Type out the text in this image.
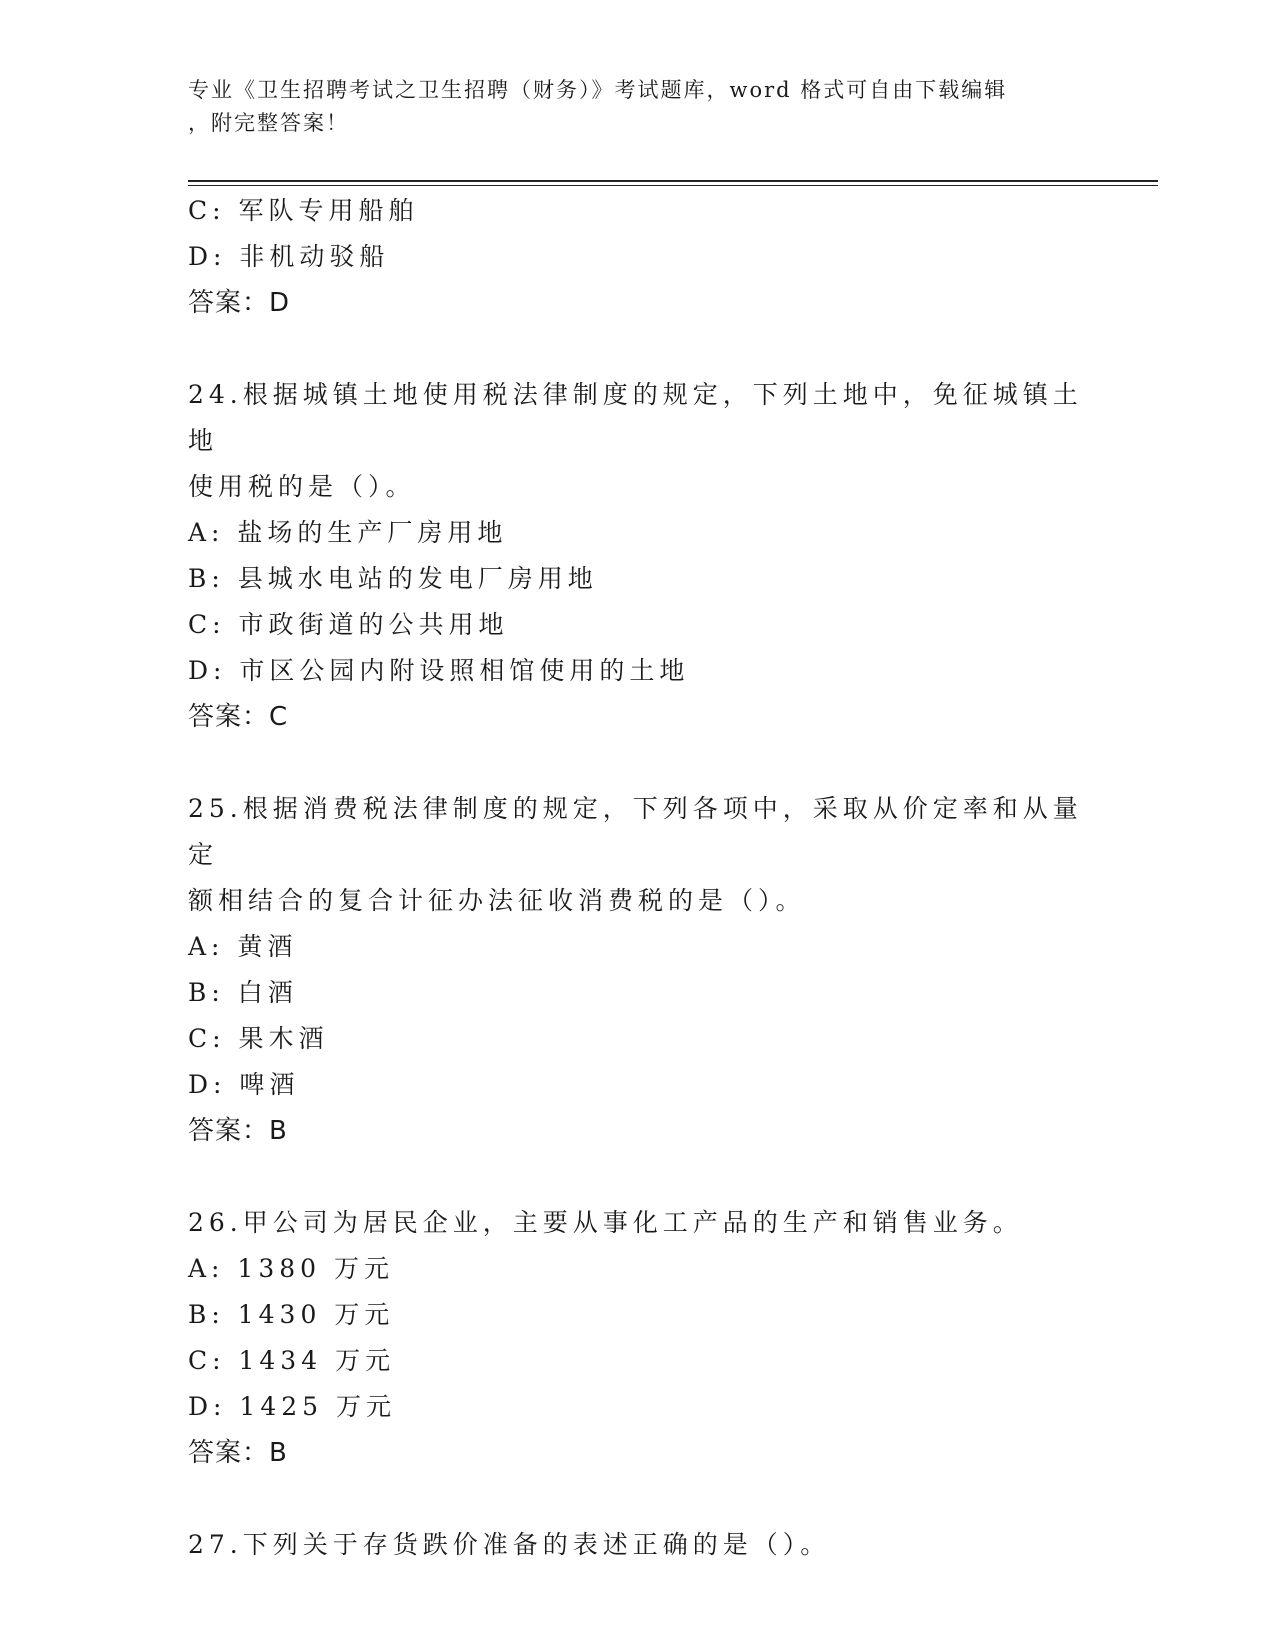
专业《卫生招聘考试之卫生招聘（财务）》考试题库，word 格式可自由下载编辑
，附完整答案！
C: 军队专用船舶
D: 非机动驳船
答案：D
24.根据城镇土地使用税法律制度的规定，下列土地中，免征城镇土地
使用税的是（）。
A: 盐场的生产厂房用地
B: 县城水电站的发电厂房用地
C: 市政街道的公共用地
D: 市区公园内附设照相馆使用的土地
答案：C
25.根据消费税法律制度的规定，下列各项中，采取从价定率和从量定
额相结合的复合计征办法征收消费税的是（）。
A: 黄酒
B: 白酒
C: 果木酒
D: 啤酒
答案：B
26.甲公司为居民企业，主要从事化工产品的生产和销售业务。
A: 1380 万元
B: 1430 万元
C: 1434 万元
D: 1425 万元
答案：B
27.下列关于存货跌价准备的表述正确的是（）。
